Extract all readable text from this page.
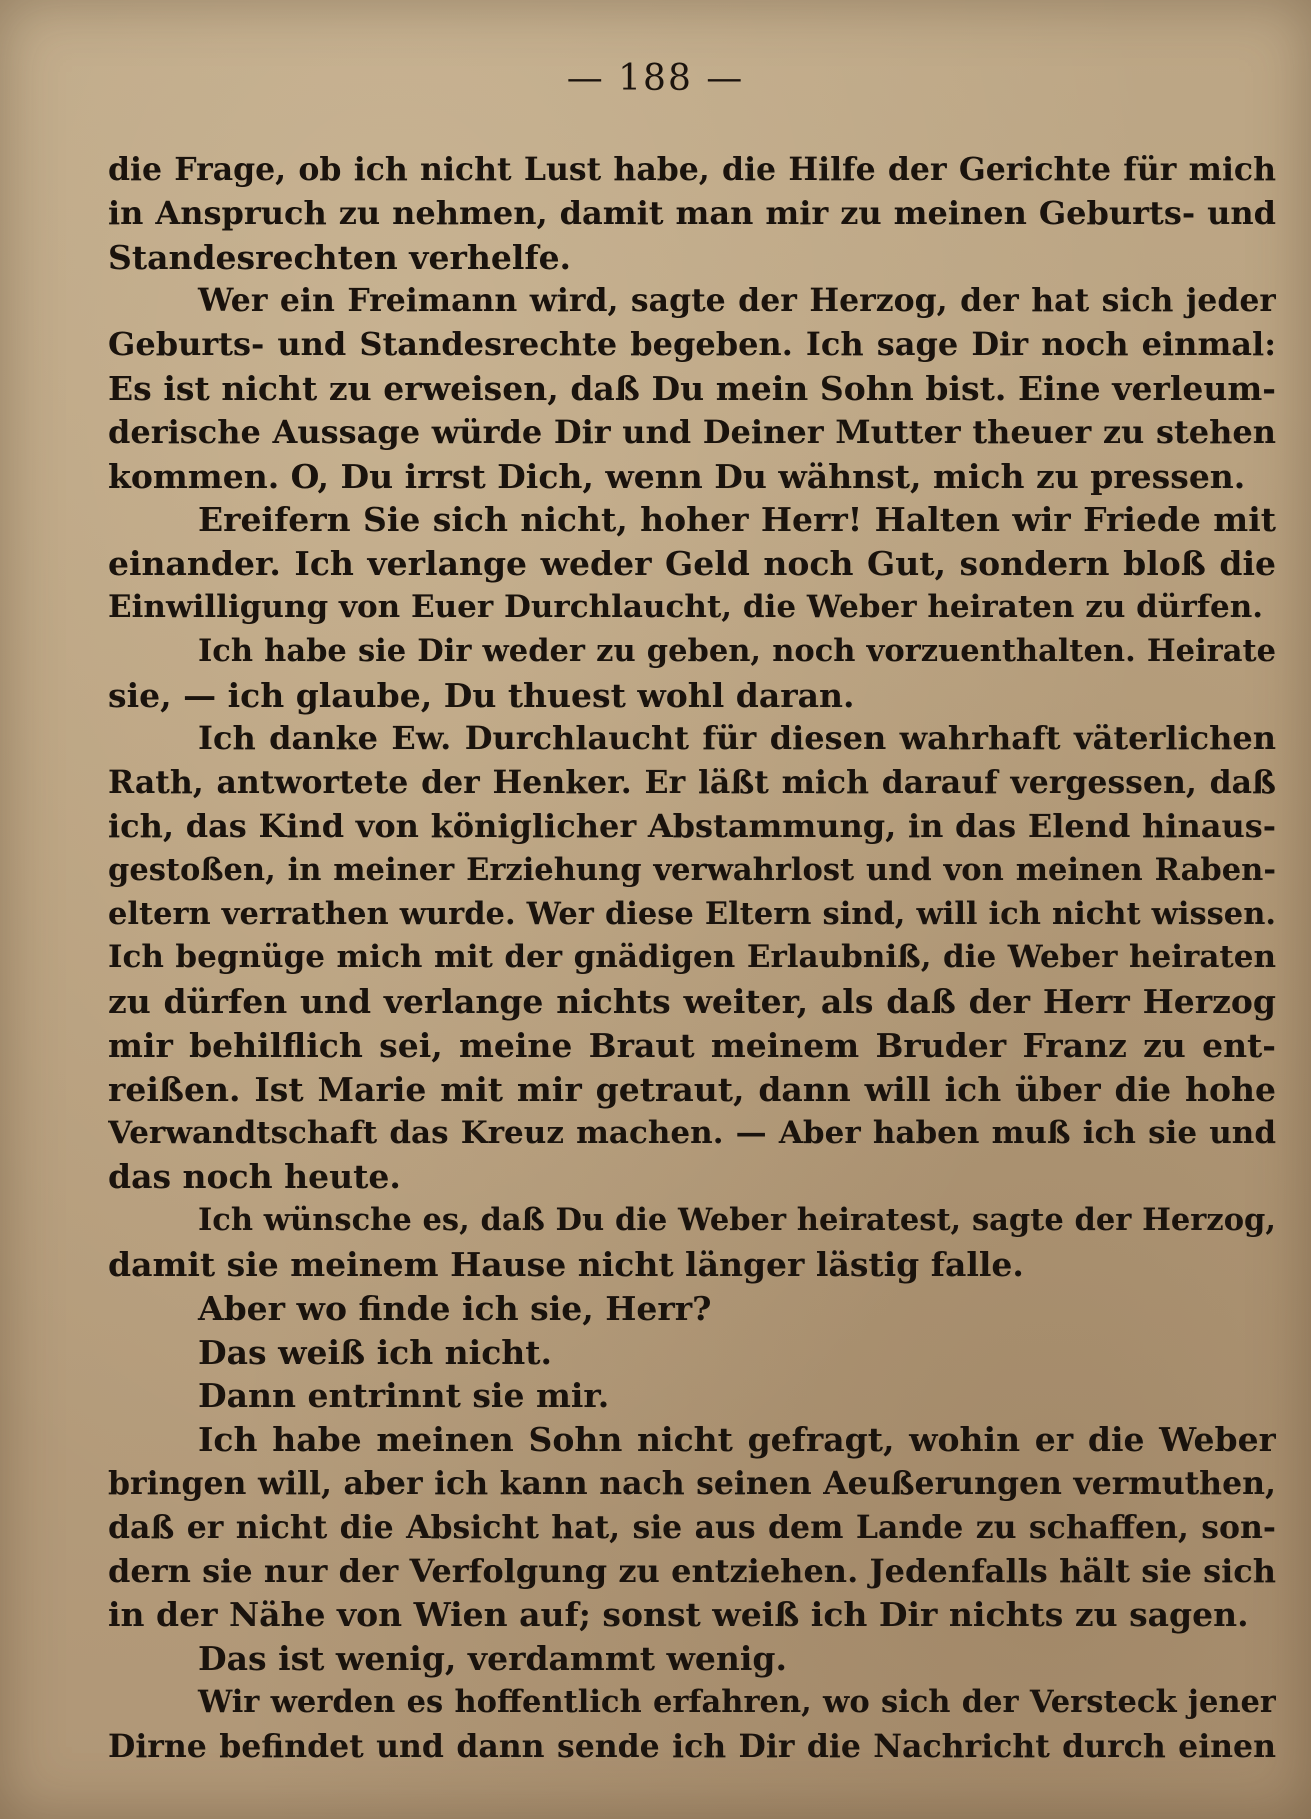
— 188 —
die Frage, ob ich nicht Lust habe, die Hilfe der Gerichte für mich
in Anspruch zu nehmen, damit man mir zu meinen Geburts- und
Standesrechten verhelfe.
Wer ein Freimann wird, sagte der Herzog, der hat sich jeder
Geburts- und Standesrechte begeben. Ich sage Dir noch einmal:
Es ist nicht zu erweisen, daß Du mein Sohn bist. Eine verleum-
derische Aussage würde Dir und Deiner Mutter theuer zu stehen
kommen. O, Du irrst Dich, wenn Du wähnst, mich zu pressen.
Ereifern Sie sich nicht, hoher Herr! Halten wir Friede mit
einander. Ich verlange weder Geld noch Gut, sondern bloß die
Einwilligung von Euer Durchlaucht, die Weber heiraten zu dürfen.
Ich habe sie Dir weder zu geben, noch vorzuenthalten. Heirate
sie, — ich glaube, Du thuest wohl daran.
Ich danke Ew. Durchlaucht für diesen wahrhaft väterlichen
Rath, antwortete der Henker. Er läßt mich darauf vergessen, daß
ich, das Kind von königlicher Abstammung, in das Elend hinaus-
gestoßen, in meiner Erziehung verwahrlost und von meinen Raben-
eltern verrathen wurde. Wer diese Eltern sind, will ich nicht wissen.
Ich begnüge mich mit der gnädigen Erlaubniß, die Weber heiraten
zu dürfen und verlange nichts weiter, als daß der Herr Herzog
mir behilflich sei, meine Braut meinem Bruder Franz zu ent-
reißen. Ist Marie mit mir getraut, dann will ich über die hohe
Verwandtschaft das Kreuz machen. — Aber haben muß ich sie und
das noch heute.
Ich wünsche es, daß Du die Weber heiratest, sagte der Herzog,
damit sie meinem Hause nicht länger lästig falle.
Aber wo finde ich sie, Herr?
Das weiß ich nicht.
Dann entrinnt sie mir.
Ich habe meinen Sohn nicht gefragt, wohin er die Weber
bringen will, aber ich kann nach seinen Aeußerungen vermuthen,
daß er nicht die Absicht hat, sie aus dem Lande zu schaffen, son-
dern sie nur der Verfolgung zu entziehen. Jedenfalls hält sie sich
in der Nähe von Wien auf; sonst weiß ich Dir nichts zu sagen.
Das ist wenig, verdammt wenig.
Wir werden es hoffentlich erfahren, wo sich der Versteck jener
Dirne befindet und dann sende ich Dir die Nachricht durch einen
